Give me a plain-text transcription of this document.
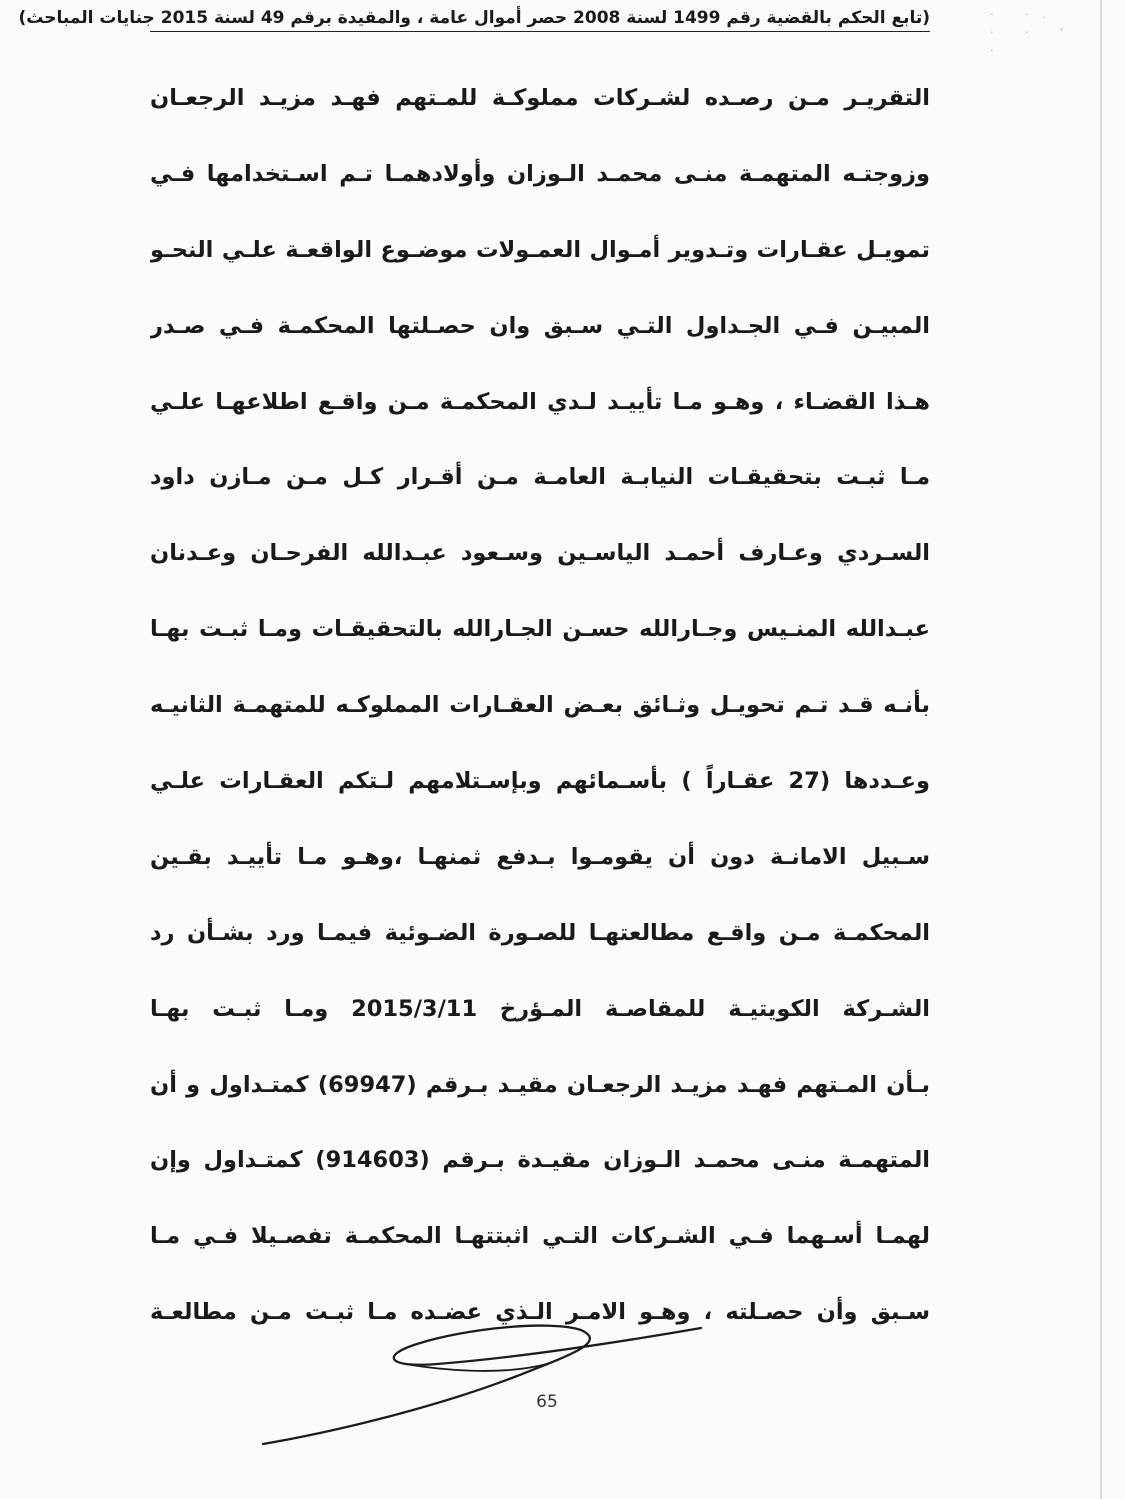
· ·. · · ‘ ·
(تابع الحكم بالقضية رقم 1499 لسنة 2008 حصر أموال عامة ، والمقيدة برقم 49 لسنة 2015 جنايات المباحث)
التقريـر مـن رصـده لشـركات مملوكـة للمـتهم فهـد مزيـد الرجعـان
وزوجتـه المتهمـة منـى محمـد الـوزان وأولادهمـا تـم اسـتخدامها فـي
تمويـل عقـارات وتـدوير أمـوال العمـولات موضـوع الواقعـة علـي النحـو
المبيـن فـي الجـداول التـي سـبق وان حصـلتها المحكمـة فـي صـدر
هـذا القضـاء ، وهـو مـا تأييـد لـدي المحكمـة مـن واقـع اطلاعهـا علـي
مـا ثبـت بتحقيقـات النيابـة العامـة مـن أقـرار كـل مـن مـازن داود
السـردي وعـارف أحمـد الياسـين وسـعود عبـدالله الفرحـان وعـدنان
عبـدالله المنـيس وجـارالله حسـن الجـارالله بالتحقيقـات ومـا ثبـت بهـا
بأنـه قـد تـم تحويـل وثـائق بعـض العقـارات المملوكـه للمتهمـة الثانيـه
وعـددها (27 عقـاراً ) بأسـمائهم وبإسـتلامهم لـتكم العقـارات علـي
سـبيل الامانـة دون أن يقومـوا بـدفع ثمنهـا ،وهـو مـا تأييـد بقـين
المحكمـة مـن واقـع مطالعتهـا للصـورة الضـوئية فيمـا ورد بشـأن رد
الشـركة الكويتيـة للمقاصـة المـؤرخ 2015/3/11 ومـا ثبـت بهـا
بـأن المـتهم فهـد مزيـد الرجعـان مقيـد بـرقم (69947) كمتـداول و أن
المتهمـة منـى محمـد الـوزان مقيـدة بـرقم (914603) كمتـداول وإن
لهمـا أسـهما فـي الشـركات التـي اثبتتهـا المحكمـة تفصـيلا فـي مـا
سـبق وأن حصـلته ، وهـو الامـر الـذي عضـده مـا ثبـت مـن مطالعـة
65
